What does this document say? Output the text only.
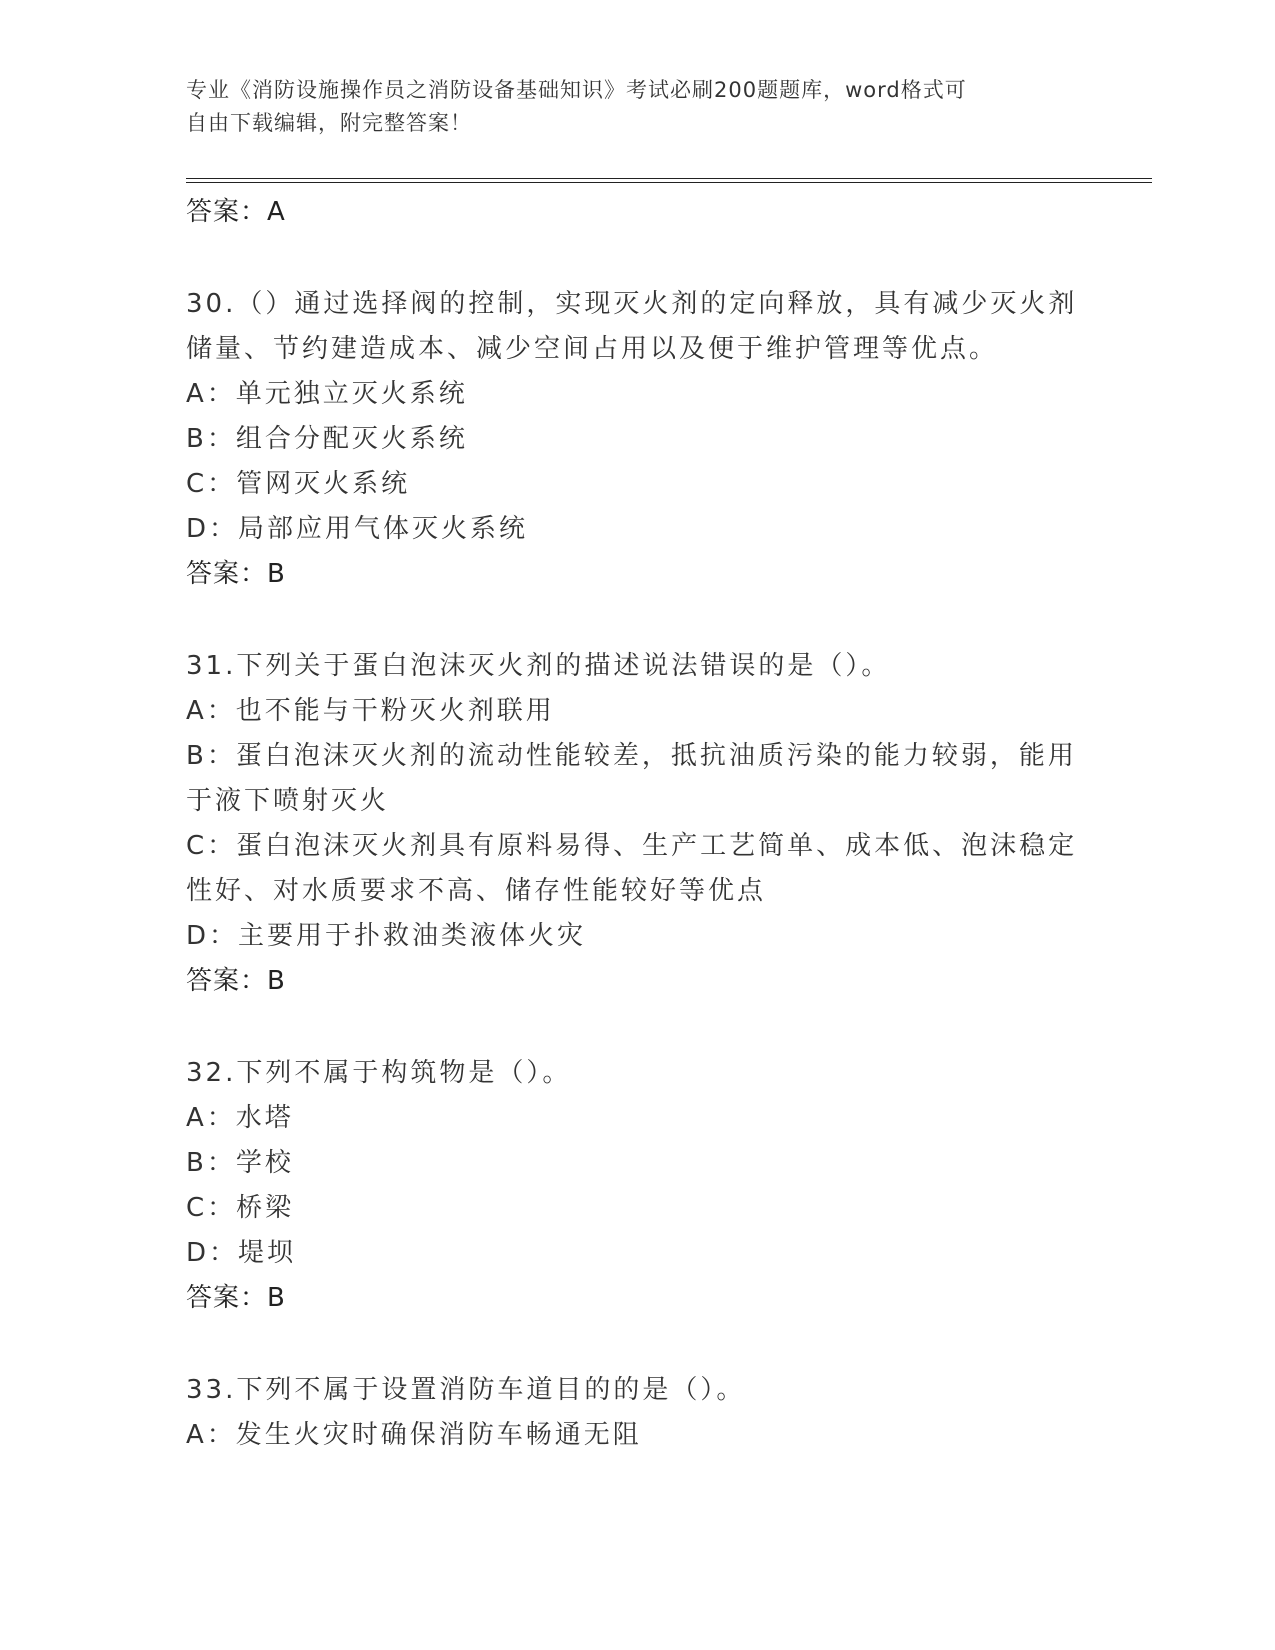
专业《消防设施操作员之消防设备基础知识》考试必刷200题题库，word格式可
自由下载编辑，附完整答案！
答案：A
30.（）通过选择阀的控制，实现灭火剂的定向释放，具有减少灭火剂
储量、节约建造成本、减少空间占用以及便于维护管理等优点。
A：单元独立灭火系统
B：组合分配灭火系统
C：管网灭火系统
D：局部应用气体灭火系统
答案：B
31.下列关于蛋白泡沫灭火剂的描述说法错误的是（）。
A：也不能与干粉灭火剂联用
B：蛋白泡沫灭火剂的流动性能较差，抵抗油质污染的能力较弱，能用
于液下喷射灭火
C：蛋白泡沫灭火剂具有原料易得、生产工艺简单、成本低、泡沫稳定
性好、对水质要求不高、储存性能较好等优点
D：主要用于扑救油类液体火灾
答案：B
32.下列不属于构筑物是（）。
A：水塔
B：学校
C：桥梁
D：堤坝
答案：B
33.下列不属于设置消防车道目的的是（）。
A：发生火灾时确保消防车畅通无阻
